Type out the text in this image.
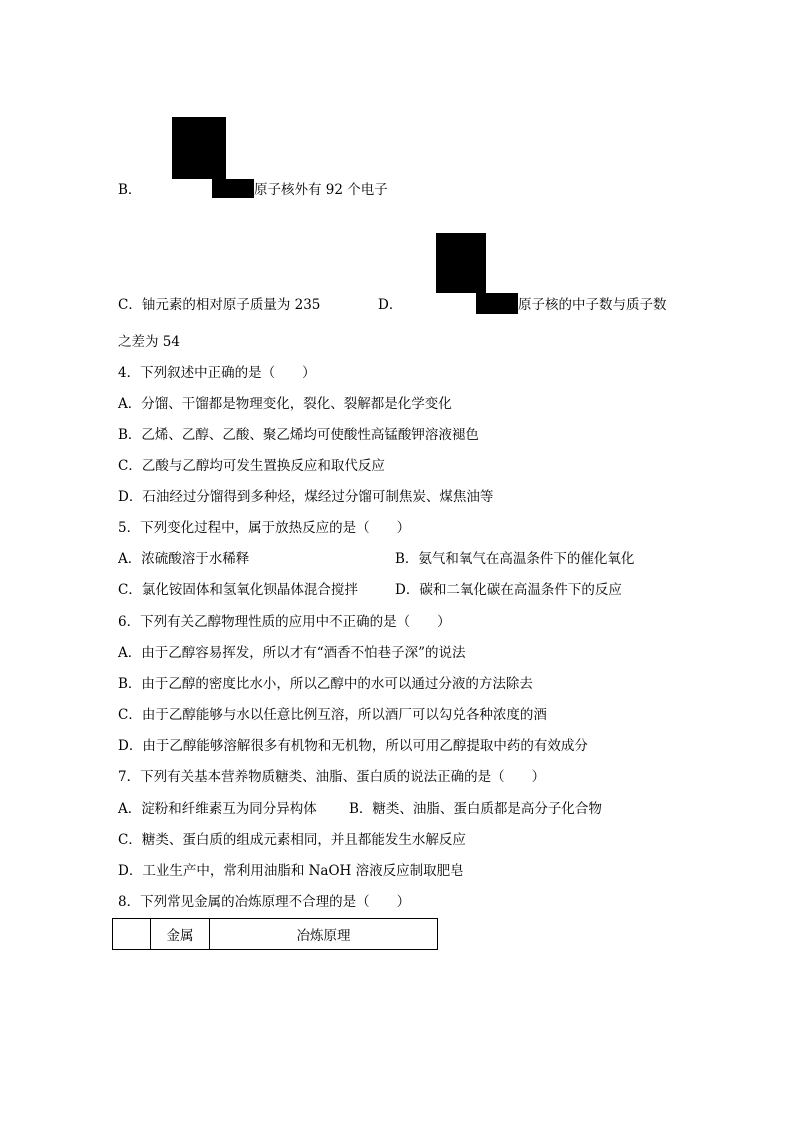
B．	原子核外有 92 个电子
C．铀元素的相对原子质量为 235	D．	原子核的中子数与质子数
之差为 54
4．下列叙述中正确的是（　　）
A．分馏、干馏都是物理变化，裂化、裂解都是化学变化
B．乙烯、乙醇、乙酸、聚乙烯均可使酸性高锰酸钾溶液褪色
C．乙酸与乙醇均可发生置换反应和取代反应
D．石油经过分馏得到多种烃，煤经过分馏可制焦炭、煤焦油等
5．下列变化过程中，属于放热反应的是（　　）
A．浓硫酸溶于水稀释	B．氨气和氧气在高温条件下的催化氧化
C．氯化铵固体和氢氧化钡晶体混合搅拌	D．碳和二氧化碳在高温条件下的反应
6．下列有关乙醇物理性质的应用中不正确的是（　　）
A．由于乙醇容易挥发，所以才有“酒香不怕巷子深”的说法
B．由于乙醇的密度比水小，所以乙醇中的水可以通过分液的方法除去
C．由于乙醇能够与水以任意比例互溶，所以酒厂可以勾兑各种浓度的酒
D．由于乙醇能够溶解很多有机物和无机物，所以可用乙醇提取中药的有效成分
7．下列有关基本营养物质糖类、油脂、蛋白质的说法正确的是（　　）
A．淀粉和纤维素互为同分异构体 B．糖类、油脂、蛋白质都是高分子化合物
C．糖类、蛋白质的组成元素相同，并且都能发生水解反应
D．工业生产中，常利用油脂和 NaOH 溶液反应制取肥皂
8．下列常见金属的冶炼原理不合理的是（　　）
	金属	冶炼原理
